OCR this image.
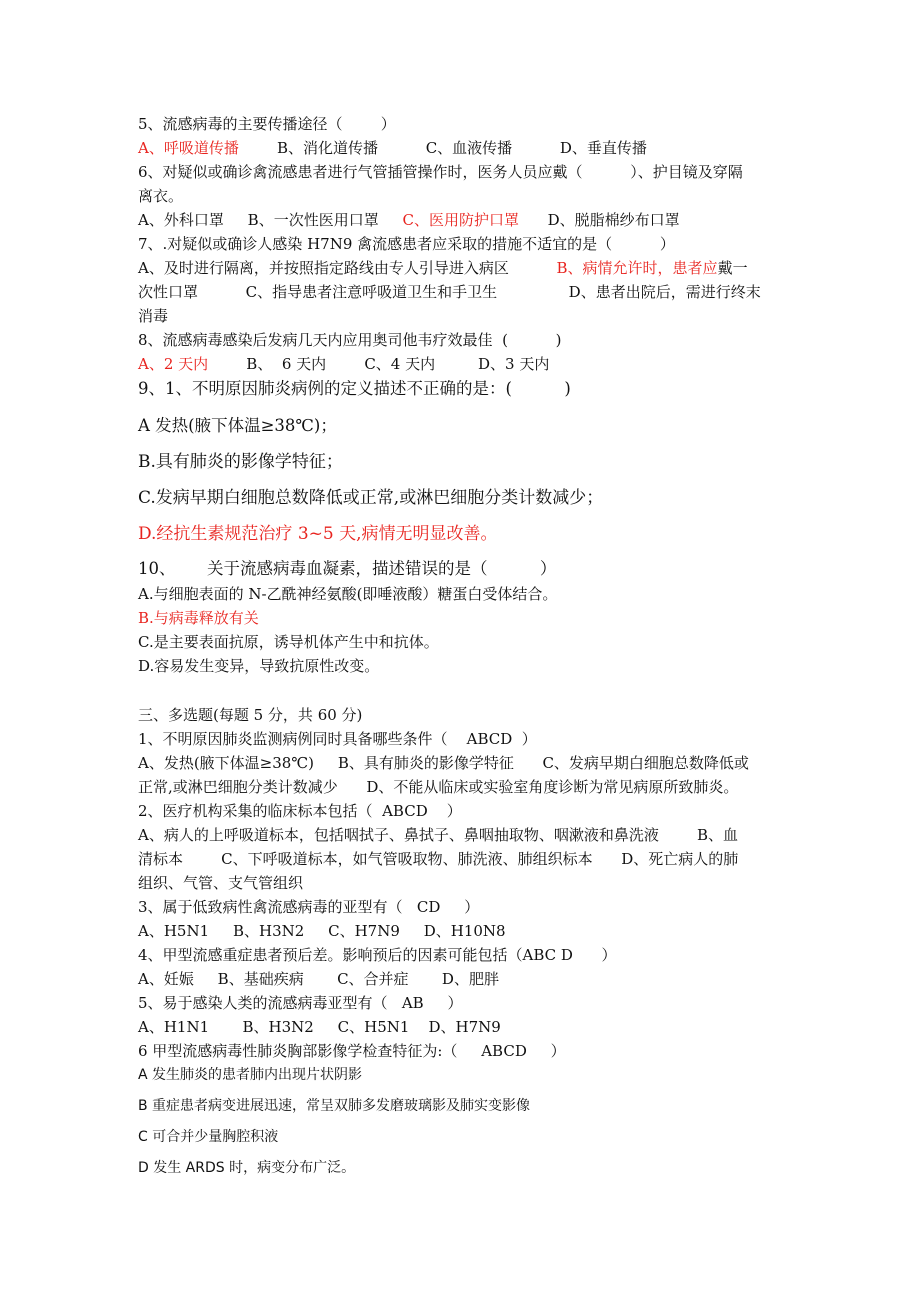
5、流感病毒的主要传播途径（        ）
A、呼吸道传播        B、消化道传播          C、血液传播          D、垂直传播
6、对疑似或确诊禽流感患者进行气管插管操作时，医务人员应戴（          ）、护目镜及穿隔
离衣。
A、外科口罩     B、一次性医用口罩     C、医用防护口罩      D、脱脂棉纱布口罩
7、.对疑似或确诊人感染 H7N9 禽流感患者应采取的措施不适宜的是（          ）
A、及时进行隔离，并按照指定路线由专人引导进入病区          B、病情允许时，患者应戴一
次性口罩          C、指导患者注意呼吸道卫生和手卫生               D、患者出院后，需进行终末
消毒
8、流感病毒感染后发病几天内应用奥司他韦疗效最佳  (          )
A、2 天内        B、  6 天内        C、4 天内         D、3 天内
9、1、不明原因肺炎病例的定义描述不正确的是：(          )
A 发热(腋下体温≥38℃)；
B.具有肺炎的影像学特征；
C.发病早期白细胞总数降低或正常,或淋巴细胞分类计数减少；
D.经抗生素规范治疗 3~5 天,病情无明显改善。
10、      关于流感病毒血凝素，描述错误的是（          ）
A.与细胞表面的 N-乙酰神经氨酸(即唾液酸）糖蛋白受体结合。
B.与病毒释放有关
C.是主要表面抗原，诱导机体产生中和抗体。
D.容易发生变异，导致抗原性改变。
三、多选题(每题 5 分，共 60 分)
1、不明原因肺炎监测病例同时具备哪些条件（    ABCD  ）
A、发热(腋下体温≥38℃)     B、具有肺炎的影像学特征      C、发病早期白细胞总数降低或
正常,或淋巴细胞分类计数减少      D、不能从临床或实验室角度诊断为常见病原所致肺炎。
2、医疗机构采集的临床标本包括（  ABCD    ）
A、病人的上呼吸道标本，包括咽拭子、鼻拭子、鼻咽抽取物、咽漱液和鼻洗液        B、血
清标本        C、下呼吸道标本，如气管吸取物、肺洗液、肺组织标本      D、死亡病人的肺
组织、气管、支气管组织
3、属于低致病性禽流感病毒的亚型有（   CD     ）
A、H5N1     B、H3N2     C、H7N9     D、H10N8
4、甲型流感重症患者预后差。影响预后的因素可能包括（ABC D      ）
A、妊娠     B、基础疾病       C、合并症       D、肥胖
5、易于感染人类的流感病毒亚型有（   AB     ）
A、H1N1       B、H3N2     C、H5N1    D、H7N9
6 甲型流感病毒性肺炎胸部影像学检查特征为:（     ABCD     ）
A 发生肺炎的患者肺内出现片状阴影
B 重症患者病变进展迅速，常呈双肺多发磨玻璃影及肺实变影像
C 可合并少量胸腔积液
D 发生 ARDS 时，病变分布广泛。
